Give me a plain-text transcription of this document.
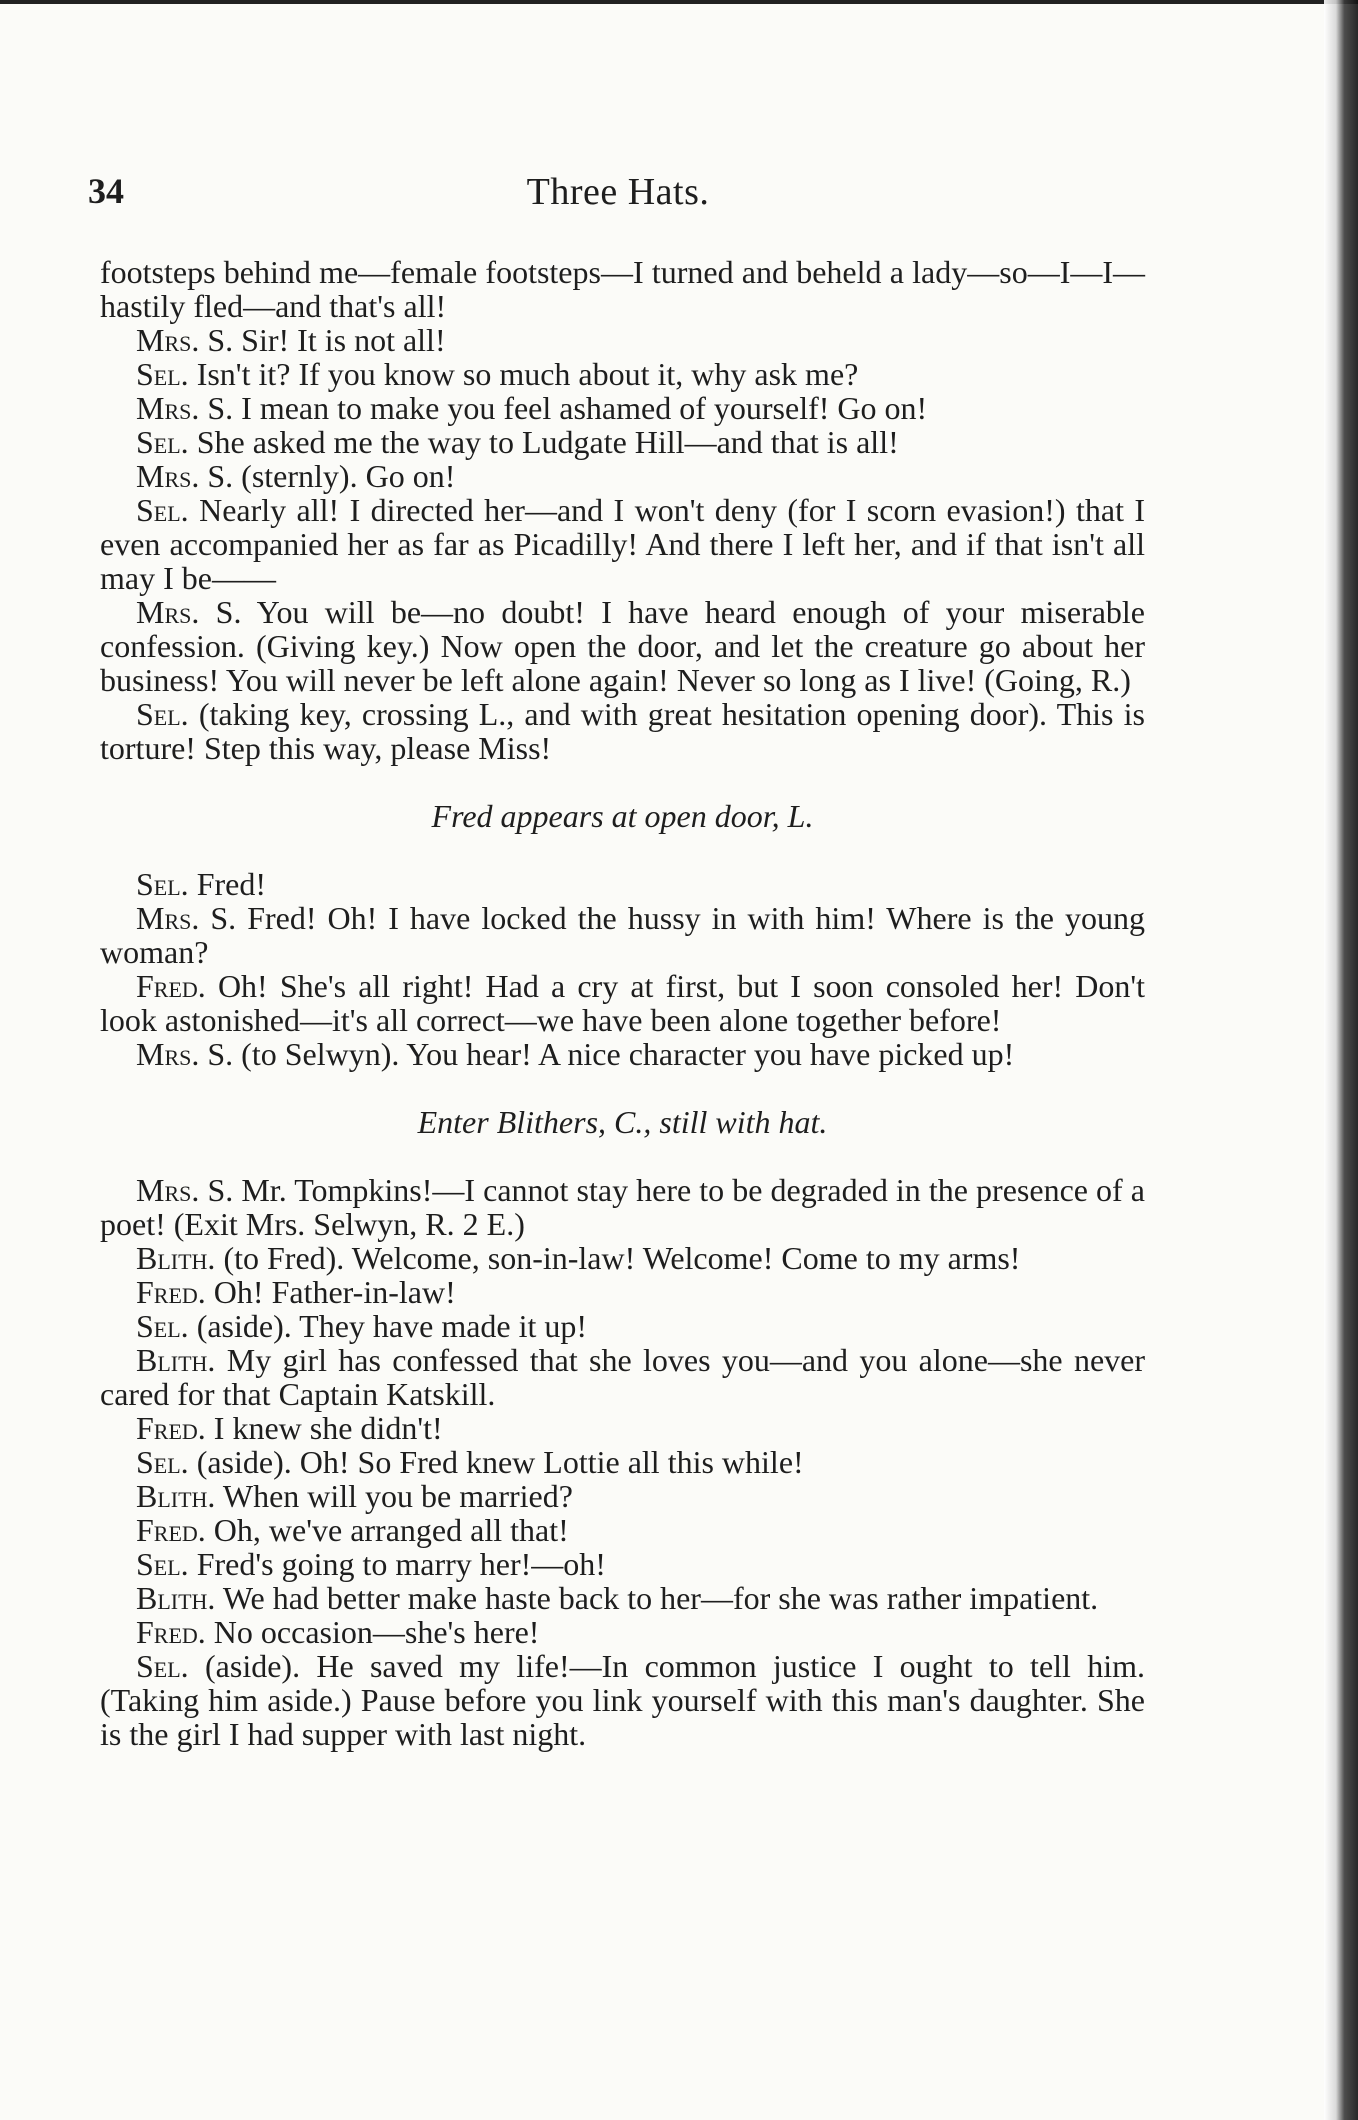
34	Three Hats.

footsteps behind me—female footsteps—I turned and beheld a lady—so—I—I—hastily fled—and that's all!

Mrs. S. Sir! It is not all!

Sel. Isn't it? If you know so much about it, why ask me?

Mrs. S. I mean to make you feel ashamed of yourself! Go on!

Sel. She asked me the way to Ludgate Hill—and that is all!

Mrs. S. (sternly). Go on!

Sel. Nearly all! I directed her—and I won't deny (for I scorn evasion!) that I even accompanied her as far as Picadilly! And there I left her, and if that isn't all may I be——

Mrs. S. You will be—no doubt! I have heard enough of your miserable confession. (Giving key.) Now open the door, and let the creature go about her business! You will never be left alone again! Never so long as I live! (Going, R.)

Sel. (taking key, crossing L., and with great hesitation opening door). This is torture! Step this way, please Miss!

Fred appears at open door, L.

Sel. Fred!

Mrs. S. Fred! Oh! I have locked the hussy in with him! Where is the young woman?

Fred. Oh! She's all right! Had a cry at first, but I soon consoled her! Don't look astonished—it's all correct—we have been alone together before!

Mrs. S. (to Selwyn). You hear! A nice character you have picked up!

Enter Blithers, C., still with hat.

Mrs. S. Mr. Tompkins!—I cannot stay here to be degraded in the presence of a poet! (Exit Mrs. Selwyn, R. 2 E.)

Blith. (to Fred). Welcome, son-in-law! Welcome! Come to my arms!

Fred. Oh! Father-in-law!

Sel. (aside). They have made it up!

Blith. My girl has confessed that she loves you—and you alone—she never cared for that Captain Katskill.

Fred. I knew she didn't!

Sel. (aside). Oh! So Fred knew Lottie all this while!

Blith. When will you be married?

Fred. Oh, we've arranged all that!

Sel. Fred's going to marry her!—oh!

Blith. We had better make haste back to her—for she was rather impatient.

Fred. No occasion—she's here!

Sel. (aside). He saved my life!—In common justice I ought to tell him. (Taking him aside.) Pause before you link yourself with this man's daughter. She is the girl I had supper with last night.
